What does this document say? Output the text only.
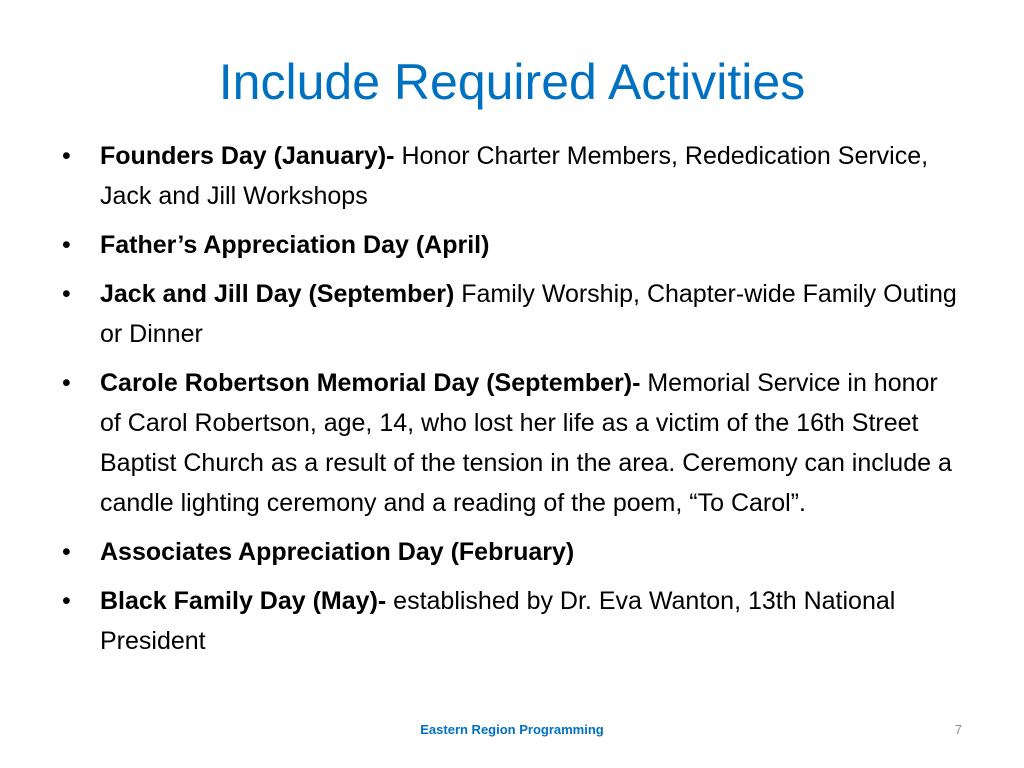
Include Required Activities
• Founders Day (January)- Honor Charter Members, Rededication Service, Jack and Jill Workshops
• Father’s Appreciation Day (April)
• Jack and Jill Day (September) Family Worship, Chapter-wide Family Outing or Dinner
• Carole Robertson Memorial Day (September)- Memorial Service in honor of Carol Robertson, age, 14, who lost her life as a victim of the 16th Street Baptist Church as a result of the tension in the area. Ceremony can include a candle lighting ceremony and a reading of the poem, “To Carol”.
• Associates Appreciation Day (February)
• Black Family Day (May)- established by Dr. Eva Wanton, 13th National President
Eastern Region Programming	7
